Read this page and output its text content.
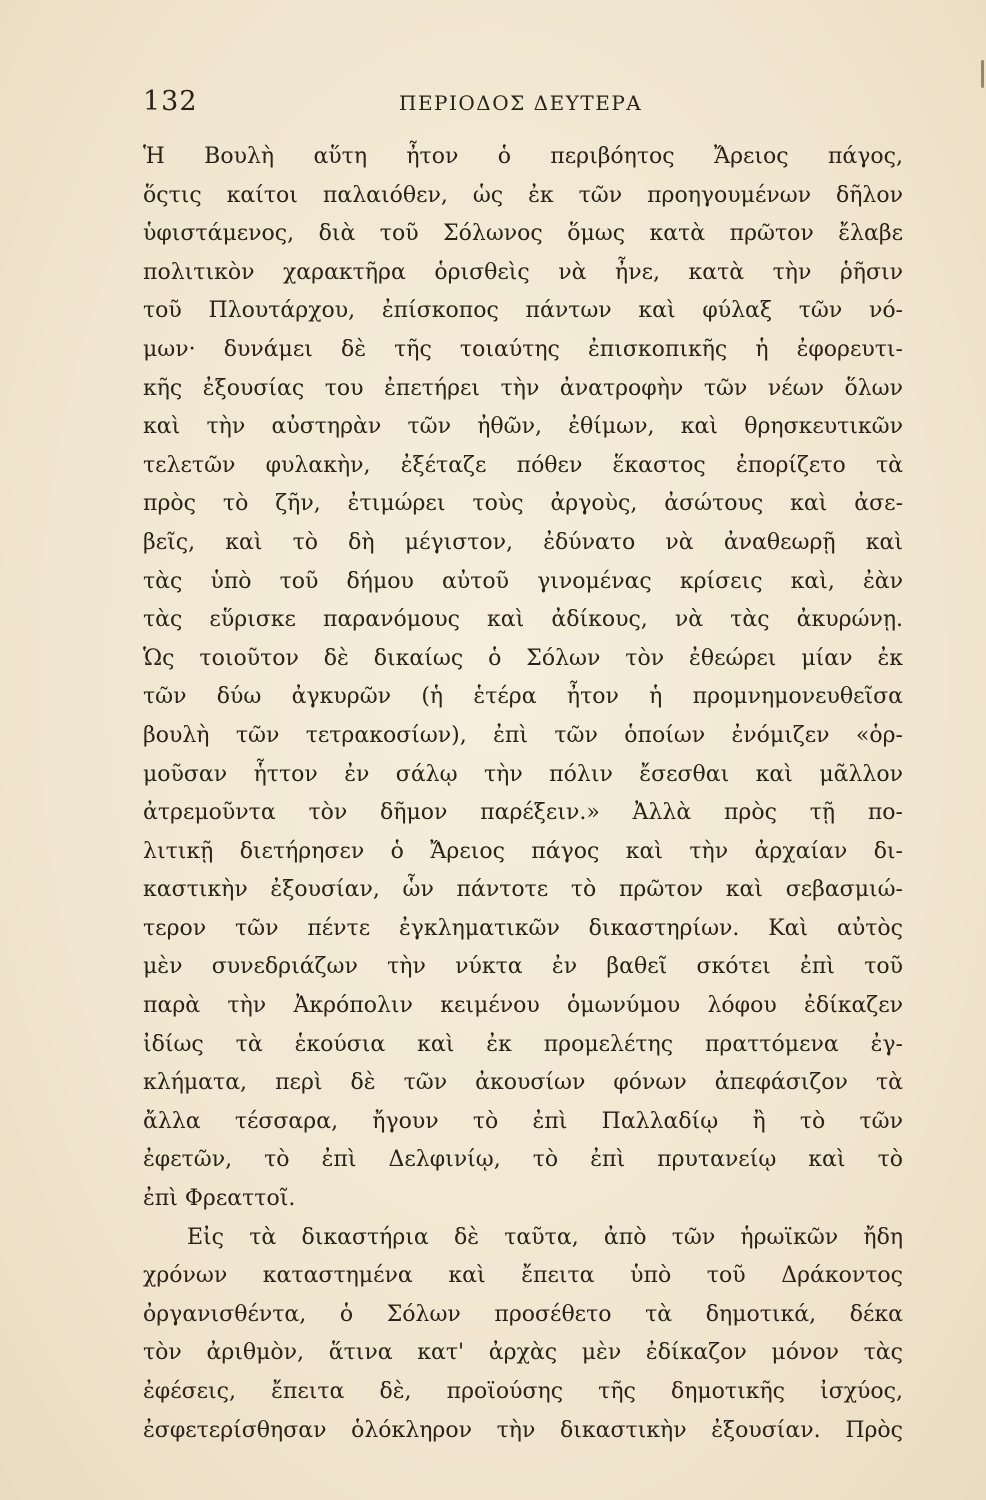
132	ΠΕΡΙΟΔΟΣ ΔΕΥΤΕΡΑ
Ἡ Βουλὴ αὕτη ἦτον ὁ περιβόητος Ἄρειος πάγος,
ὅςτις καίτοι παλαιόθεν, ὡς ἐκ τῶν προηγουμένων δῆλον
ὑφιστάμενος, διὰ τοῦ Σόλωνος ὅμως κατὰ πρῶτον ἔλαβε
πολιτικὸν χαρακτῆρα ὁρισθεὶς νὰ ἦνε, κατὰ τὴν ῥῆσιν
τοῦ Πλουτάρχου, ἐπίσκοπος πάντων καὶ φύλαξ τῶν νό-
μων· δυνάμει δὲ τῆς τοιαύτης ἐπισκοπικῆς ἡ ἐφορευτι-
κῆς ἐξουσίας του ἐπετήρει τὴν ἀνατροφὴν τῶν νέων ὅλων
καὶ τὴν αὐστηρὰν τῶν ἠθῶν, ἐθίμων, καὶ θρησκευτικῶν
τελετῶν φυλακὴν, ἐξέταζε πόθεν ἕκαστος ἐπορίζετο τὰ
πρὸς τὸ ζῆν, ἐτιμώρει τοὺς ἀργοὺς, ἀσώτους καὶ ἀσε-
βεῖς, καὶ τὸ δὴ μέγιστον, ἐδύνατο νὰ ἀναθεωρῇ καὶ
τὰς ὑπὸ τοῦ δήμου αὐτοῦ γινομένας κρίσεις καὶ, ἐὰν
τὰς εὕρισκε παρανόμους καὶ ἀδίκους, νὰ τὰς ἀκυρώνῃ.
Ὡς τοιοῦτον δὲ δικαίως ὁ Σόλων τὸν ἐθεώρει μίαν ἐκ
τῶν δύω ἀγκυρῶν (ἡ ἑτέρα ἦτον ἡ προμνημονευθεῖσα
βουλὴ τῶν τετρακοσίων), ἐπὶ τῶν ὁποίων ἐνόμιζεν «ὁρ-
μοῦσαν ἧττον ἐν σάλῳ τὴν πόλιν ἔσεσθαι καὶ μᾶλλον
ἀτρεμοῦντα τὸν δῆμον παρέξειν.» Ἀλλὰ πρὸς τῇ πο-
λιτικῇ διετήρησεν ὁ Ἄρειος πάγος καὶ τὴν ἀρχαίαν δι-
καστικὴν ἐξουσίαν, ὧν πάντοτε τὸ πρῶτον καὶ σεβασμιώ-
τερον τῶν πέντε ἐγκληματικῶν δικαστηρίων. Καὶ αὐτὸς
μὲν συνεδριάζων τὴν νύκτα ἐν βαθεῖ σκότει ἐπὶ τοῦ
παρὰ τὴν Ἀκρόπολιν κειμένου ὁμωνύμου λόφου ἐδίκαζεν
ἰδίως τὰ ἑκούσια καὶ ἐκ προμελέτης πραττόμενα ἐγ-
κλήματα, περὶ δὲ τῶν ἀκουσίων φόνων ἀπεφάσιζον τὰ
ἄλλα τέσσαρα, ἤγουν τὸ ἐπὶ Παλλαδίῳ ἢ τὸ τῶν
ἐφετῶν, τὸ ἐπὶ Δελφινίῳ, τὸ ἐπὶ πρυτανείῳ καὶ τὸ
ἐπὶ Φρεαττοῖ.
Εἰς τὰ δικαστήρια δὲ ταῦτα, ἀπὸ τῶν ἡρωϊκῶν ἤδη
χρόνων καταστημένα καὶ ἔπειτα ὑπὸ τοῦ Δράκοντος
ὀργανισθέντα, ὁ Σόλων προσέθετο τὰ δημοτικά, δέκα
τὸν ἀριθμὸν, ἅτινα κατ' ἀρχὰς μὲν ἐδίκαζον μόνον τὰς
ἐφέσεις, ἔπειτα δὲ, προϊούσης τῆς δημοτικῆς ἰσχύος,
ἐσφετερίσθησαν ὁλόκληρον τὴν δικαστικὴν ἐξουσίαν. Πρὸς
